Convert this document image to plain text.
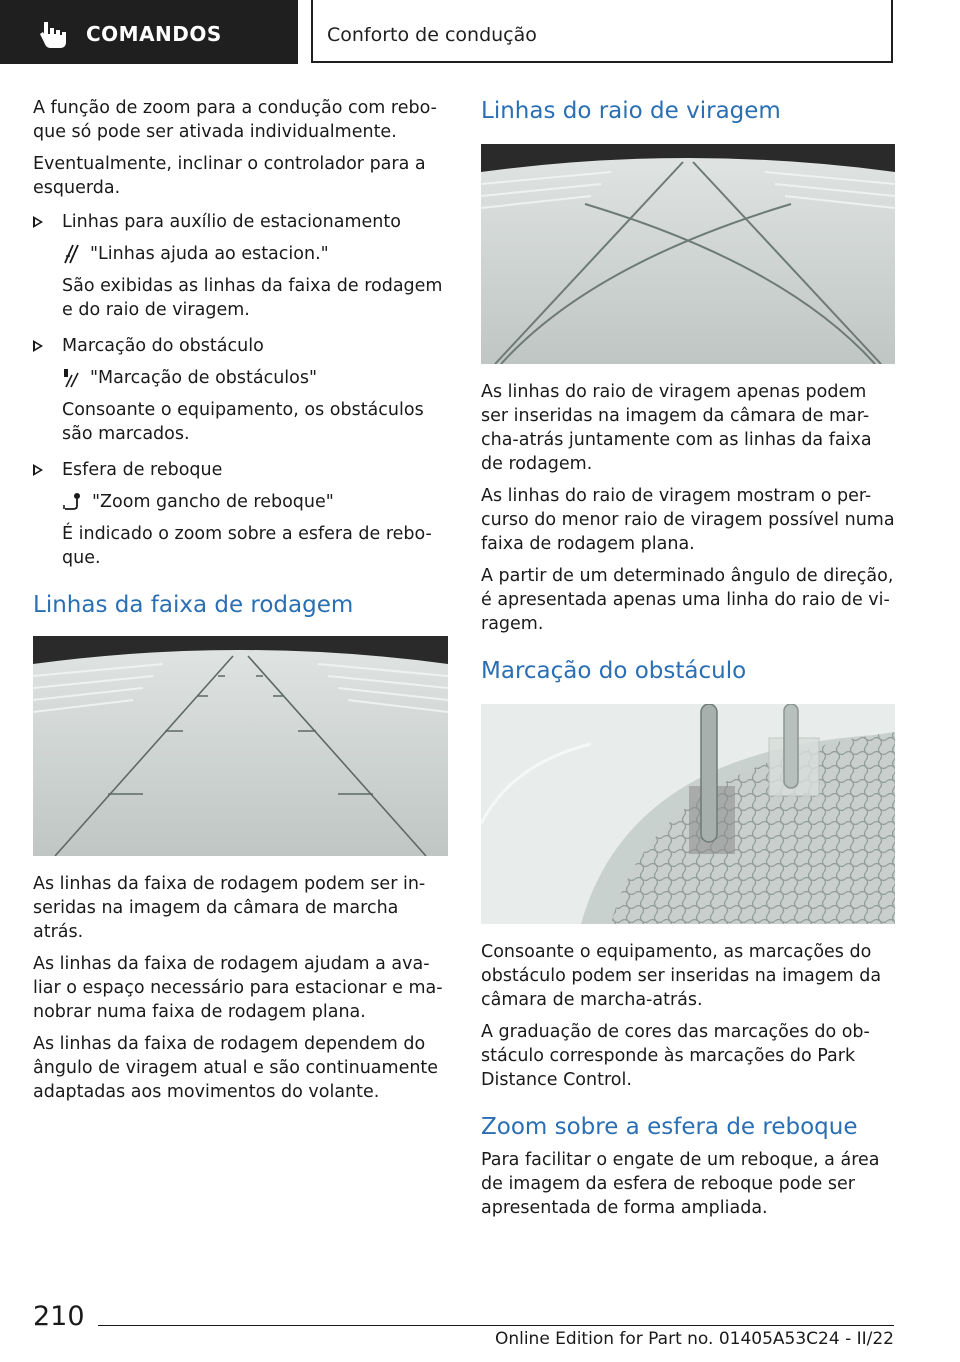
COMANDOS	Conforto de condução

A função de zoom para a condução com rebo-que só pode ser ativada individualmente.

Eventualmente, inclinar o controlador para a esquerda.

Linhas para auxílio de estacionamento

"Linhas ajuda ao estacion."

São exibidas as linhas da faixa de rodagem e do raio de viragem.

Marcação do obstáculo

"Marcação de obstáculos"

Consoante o equipamento, os obstáculos são marcados.

Esfera de reboque

"Zoom gancho de reboque"

É indicado o zoom sobre a esfera de rebo-que.

Linhas da faixa de rodagem

As linhas da faixa de rodagem podem ser in-seridas na imagem da câmara de marcha atrás.

As linhas da faixa de rodagem ajudam a ava-liar o espaço necessário para estacionar e ma-nobrar numa faixa de rodagem plana.

As linhas da faixa de rodagem dependem do ângulo de viragem atual e são continuamente adaptadas aos movimentos do volante.

Linhas do raio de viragem

As linhas do raio de viragem apenas podem ser inseridas na imagem da câmara de mar-cha-atrás juntamente com as linhas da faixa de rodagem.

As linhas do raio de viragem mostram o per-curso do menor raio de viragem possível numa faixa de rodagem plana.

A partir de um determinado ângulo de direção, é apresentada apenas uma linha do raio de vi-ragem.

Marcação do obstáculo

Consoante o equipamento, as marcações do obstáculo podem ser inseridas na imagem da câmara de marcha-atrás.

A graduação de cores das marcações do ob-stáculo corresponde às marcações do Park Distance Control.

Zoom sobre a esfera de reboque

Para facilitar o engate de um reboque, a área de imagem da esfera de reboque pode ser apresentada de forma ampliada.

210
Online Edition for Part no. 01405A53C24 - II/22
